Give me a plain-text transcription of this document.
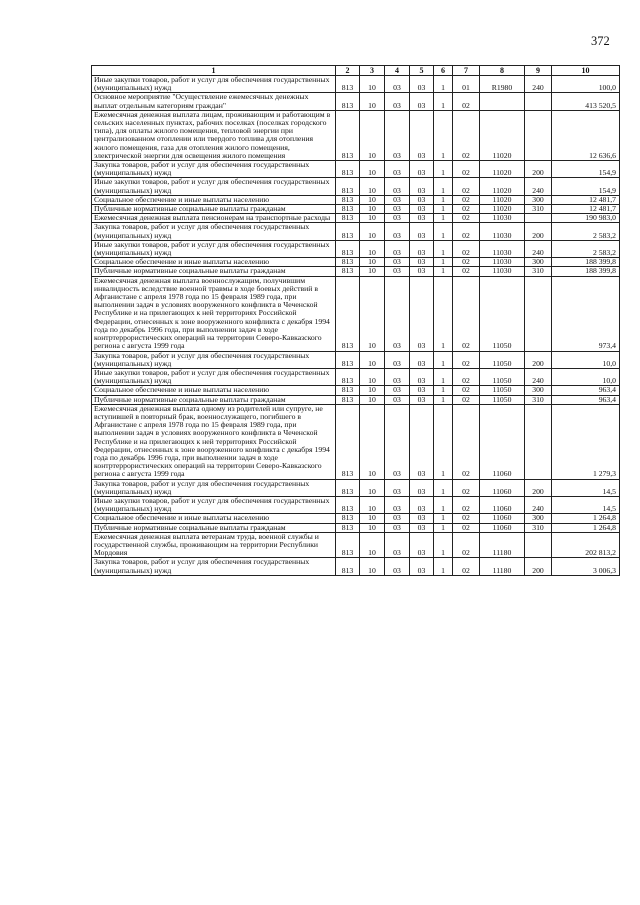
372
1	2	3	4	5	6	7	8	9	10

Иные закупки товаров, работ и услуг для обеспечения государственных (муниципальных) нужд	813	10	03	03	1	01	R1980	240	100,0

Основное мероприятие "Осуществление ежемесячных денежных выплат отдельным категориям граждан"	813	10	03	03	1	02			413 520,5

Ежемесячная денежная выплата лицам, проживающим и работающим в сельских населенных пунктах, рабочих поселках (поселках городского типа), для оплаты жилого помещения, тепловой энергии при централизованном отоплении или твердого топлива для отопления жилого помещения, газа для отопления жилого помещения, электрической энергии для освещения жилого помещения	813	10	03	03	1	02	11020		12 636,6

Закупка товаров, работ и услуг для обеспечения государственных (муниципальных) нужд	813	10	03	03	1	02	11020	200	154,9

Иные закупки товаров, работ и услуг для обеспечения государственных (муниципальных) нужд	813	10	03	03	1	02	11020	240	154,9

Социальное обеспечение и иные выплаты населению	813	10	03	03	1	02	11020	300	12 481,7

Публичные нормативные социальные выплаты гражданам	813	10	03	03	1	02	11020	310	12 481,7

Ежемесячная денежная выплата пенсионерам на транспортные расходы	813	10	03	03	1	02	11030		190 983,0

Закупка товаров, работ и услуг для обеспечения государственных (муниципальных) нужд	813	10	03	03	1	02	11030	200	2 583,2

Иные закупки товаров, работ и услуг для обеспечения государственных (муниципальных) нужд	813	10	03	03	1	02	11030	240	2 583,2

Социальное обеспечение и иные выплаты населению	813	10	03	03	1	02	11030	300	188 399,8

Публичные нормативные социальные выплаты гражданам	813	10	03	03	1	02	11030	310	188 399,8

Ежемесячная денежная выплата военнослужащим, получившим инвалидность вследствие военной травмы в ходе боевых действий в Афганистане с апреля 1978 года по 15 февраля 1989 года, при выполнении задач в условиях вооруженного конфликта в Чеченской Республике и на прилегающих к ней территориях Российской Федерации, отнесенных к зоне вооруженного конфликта с декабря 1994 года по декабрь 1996 года, при выполнении задач в ходе контртеррористических операций на территории Северо-Кавказского региона с августа 1999 года	813	10	03	03	1	02	11050		973,4

Закупка товаров, работ и услуг для обеспечения государственных (муниципальных) нужд	813	10	03	03	1	02	11050	200	10,0

Иные закупки товаров, работ и услуг для обеспечения государственных (муниципальных) нужд	813	10	03	03	1	02	11050	240	10,0

Социальное обеспечение и иные выплаты населению	813	10	03	03	1	02	11050	300	963,4

Публичные нормативные социальные выплаты гражданам	813	10	03	03	1	02	11050	310	963,4

Ежемесячная денежная выплата одному из родителей или супруге, не вступившей в повторный брак, военнослужащего, погибшего в Афганистане с апреля 1978 года по 15 февраля 1989 года, при выполнении задач в условиях вооруженного конфликта в Чеченской Республике и на прилегающих к ней территориях Российской Федерации, отнесенных к зоне вооруженного конфликта с декабря 1994 года по декабрь 1996 года, при выполнении задач в ходе контртеррористических операций на территории Северо-Кавказского региона с августа 1999 года	813	10	03	03	1	02	11060		1 279,3

Закупка товаров, работ и услуг для обеспечения государственных (муниципальных) нужд	813	10	03	03	1	02	11060	200	14,5

Иные закупки товаров, работ и услуг для обеспечения государственных (муниципальных) нужд	813	10	03	03	1	02	11060	240	14,5

Социальное обеспечение и иные выплаты населению	813	10	03	03	1	02	11060	300	1 264,8

Публичные нормативные социальные выплаты гражданам	813	10	03	03	1	02	11060	310	1 264,8

Ежемесячная денежная выплата ветеранам труда, военной службы и государственной службы, проживающим на территории Республики Мордовия	813	10	03	03	1	02	11180		202 813,2

Закупка товаров, работ и услуг для обеспечения государственных (муниципальных) нужд	813	10	03	03	1	02	11180	200	3 006,3
